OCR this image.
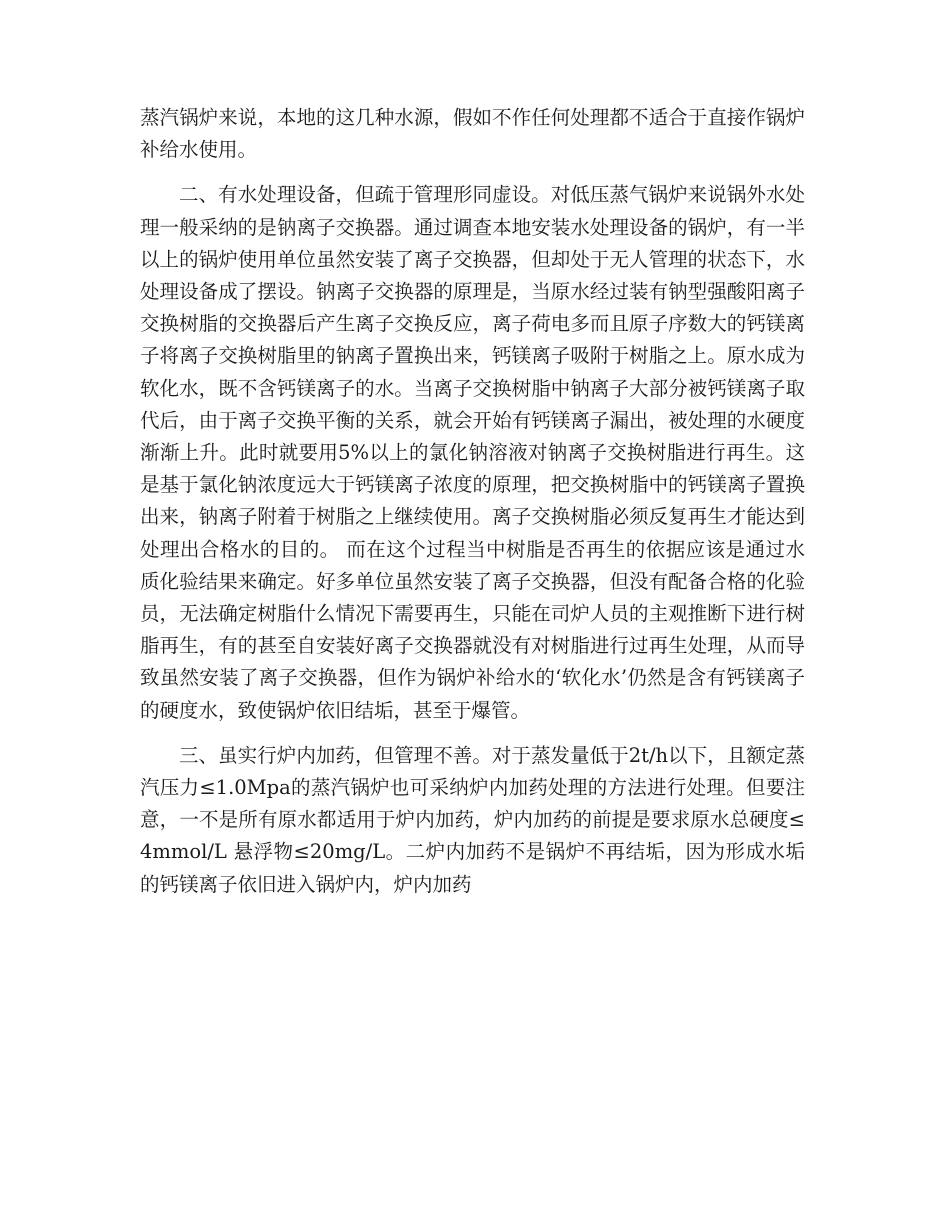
蒸汽锅炉来说，本地的这几种水源，假如不作任何处理都不适合于直接作锅炉补给水使用。

二、有水处理设备，但疏于管理形同虚设。对低压蒸气锅炉来说锅外水处理一般采纳的是钠离子交换器。通过调查本地安装水处理设备的锅炉，有一半以上的锅炉使用单位虽然安装了离子交换器，但却处于无人管理的状态下，水处理设备成了摆设。钠离子交换器的原理是，当原水经过装有钠型强酸阳离子交换树脂的交换器后产生离子交换反应，离子荷电多而且原子序数大的钙镁离子将离子交换树脂里的钠离子置换出来，钙镁离子吸附于树脂之上。原水成为软化水，既不含钙镁离子的水。当离子交换树脂中钠离子大部分被钙镁离子取代后，由于离子交换平衡的关系，就会开始有钙镁离子漏出，被处理的水硬度渐渐上升。此时就要用5%以上的氯化钠溶液对钠离子交换树脂进行再生。这是基于氯化钠浓度远大于钙镁离子浓度的原理，把交换树脂中的钙镁离子置换出来，钠离子附着于树脂之上继续使用。离子交换树脂必须反复再生才能达到处理出合格水的目的。 而在这个过程当中树脂是否再生的依据应该是通过水质化验结果来确定。好多单位虽然安装了离子交换器，但没有配备合格的化验员，无法确定树脂什么情况下需要再生，只能在司炉人员的主观推断下进行树脂再生，有的甚至自安装好离子交换器就没有对树脂进行过再生处理，从而导致虽然安装了离子交换器，但作为锅炉补给水的‘软化水’仍然是含有钙镁离子的硬度水，致使锅炉依旧结垢，甚至于爆管。

三、虽实行炉内加药，但管理不善。对于蒸发量低于2t/h以下，且额定蒸汽压力≤1.0Mpa的蒸汽锅炉也可采纳炉内加药处理的方法进行处理。但要注意，一不是所有原水都适用于炉内加药，炉内加药的前提是要求原水总硬度≤4mmol/L 悬浮物≤20mg/L。二炉内加药不是锅炉不再结垢，因为形成水垢的钙镁离子依旧进入锅炉内，炉内加药
